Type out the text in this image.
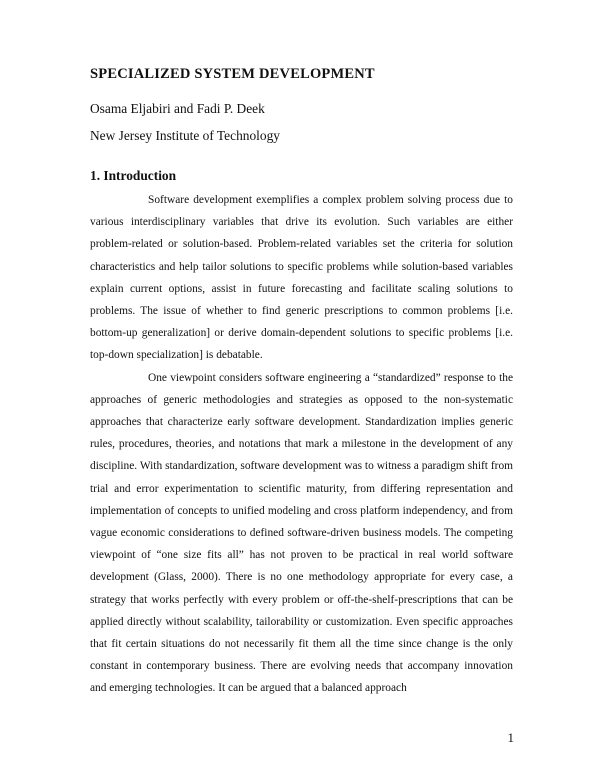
SPECIALIZED SYSTEM DEVELOPMENT
Osama Eljabiri and Fadi P. Deek
New Jersey Institute of Technology
1. Introduction

Software development exemplifies a complex problem solving process due to various interdisciplinary variables that drive its evolution. Such variables are either problem-related or solution-based. Problem-related variables set the criteria for solution characteristics and help tailor solutions to specific problems while solution-based variables explain current options, assist in future forecasting and facilitate scaling solutions to problems. The issue of whether to find generic prescriptions to common problems [i.e. bottom-up generalization] or derive domain-dependent solutions to specific problems [i.e. top-down specialization] is debatable.

One viewpoint considers software engineering a “standardized” response to the approaches of generic methodologies and strategies as opposed to the non-systematic approaches that characterize early software development. Standardization implies generic rules, procedures, theories, and notations that mark a milestone in the development of any discipline. With standardization, software development was to witness a paradigm shift from trial and error experimentation to scientific maturity, from differing representation and implementation of concepts to unified modeling and cross platform independency, and from vague economic considerations to defined software-driven business models. The competing viewpoint of “one size fits all” has not proven to be practical in real world software development (Glass, 2000). There is no one methodology appropriate for every case, a strategy that works perfectly with every problem or off-the-shelf-prescriptions that can be applied directly without scalability, tailorability or customization. Even specific approaches that fit certain situations do not necessarily fit them all the time since change is the only constant in contemporary business. There are evolving needs that accompany innovation and emerging technologies. It can be argued that a balanced approach

1
